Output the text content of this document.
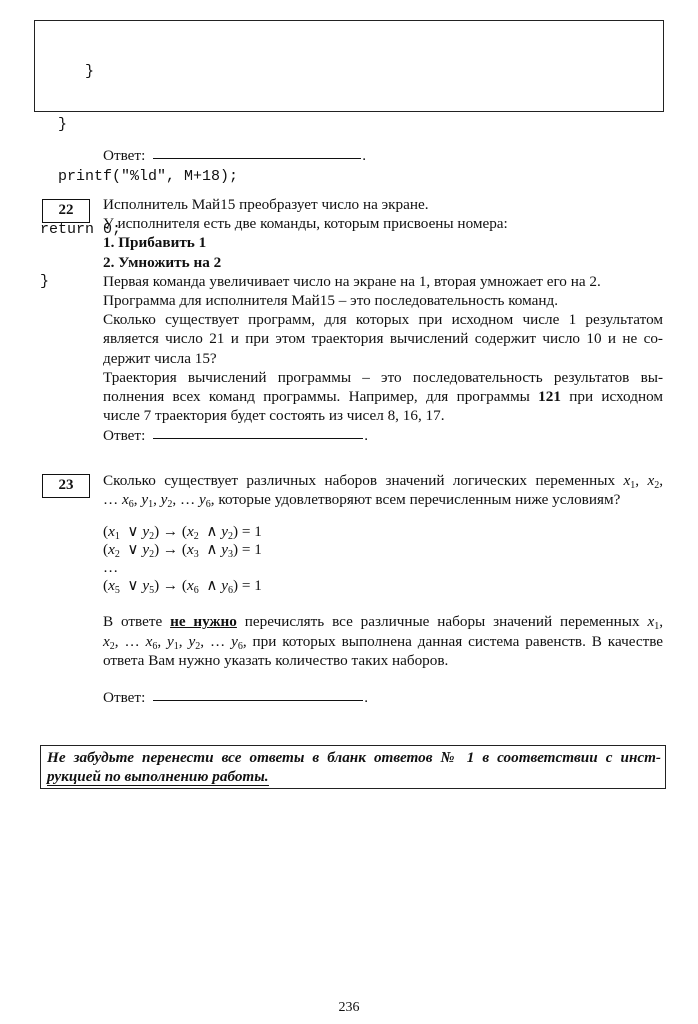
}

}

printf("%ld", M+18);

return 0;

}

Ответ:	.
22	Исполнитель Май15 преобразует число на экране.
У исполнителя есть две команды, которым присвоены номера:
1. Прибавить 1
2. Умножить на 2
Первая команда увеличивает число на экране на 1, вторая умножает его на 2.
Программа для исполнителя Май15 – это последовательность команд.
Сколько существует программ, для которых при исходном числе 1 результатом
является число 21 и при этом траектория вычислений содержит число 10 и не со-
держит числа 15?
Траектория вычислений программы – это последовательность результатов вы-
полнения всех команд программы. Например, для программы 121 при исходном
числе 7 траектория будет состоять из чисел 8, 16, 17.
Ответ:	.
23	Сколько существует различных наборов значений логических переменных $x_1$, $x_2$,
… $x_6$, $y_1$, $y_2$, … $y_6$, которые удовлетворяют всем перечисленным ниже условиям?
($x_1$  ∨ $y_2) \to (x_2$  ∧ $y_2) = 1$
($x_2$  ∨ $y_2) \to (x_3$  ∧ $y_3) = 1$
…
($x_5$  ∨ $y_5) \to (x_6$  ∧ $y_6) = 1$
В ответе не нужно перечислять все различные наборы значений переменных $x_1$,
$x_2$, … $x_6$, $y_1$, $y_2$, … $y_6$, при которых выполнена данная система равенств. В качестве
ответа Вам нужно указать количество таких наборов.
Ответ:	.
Не забудьте перенести все ответы в бланк ответов № 1 в соответствии с инст-
рукцией по выполнению работы.
236
